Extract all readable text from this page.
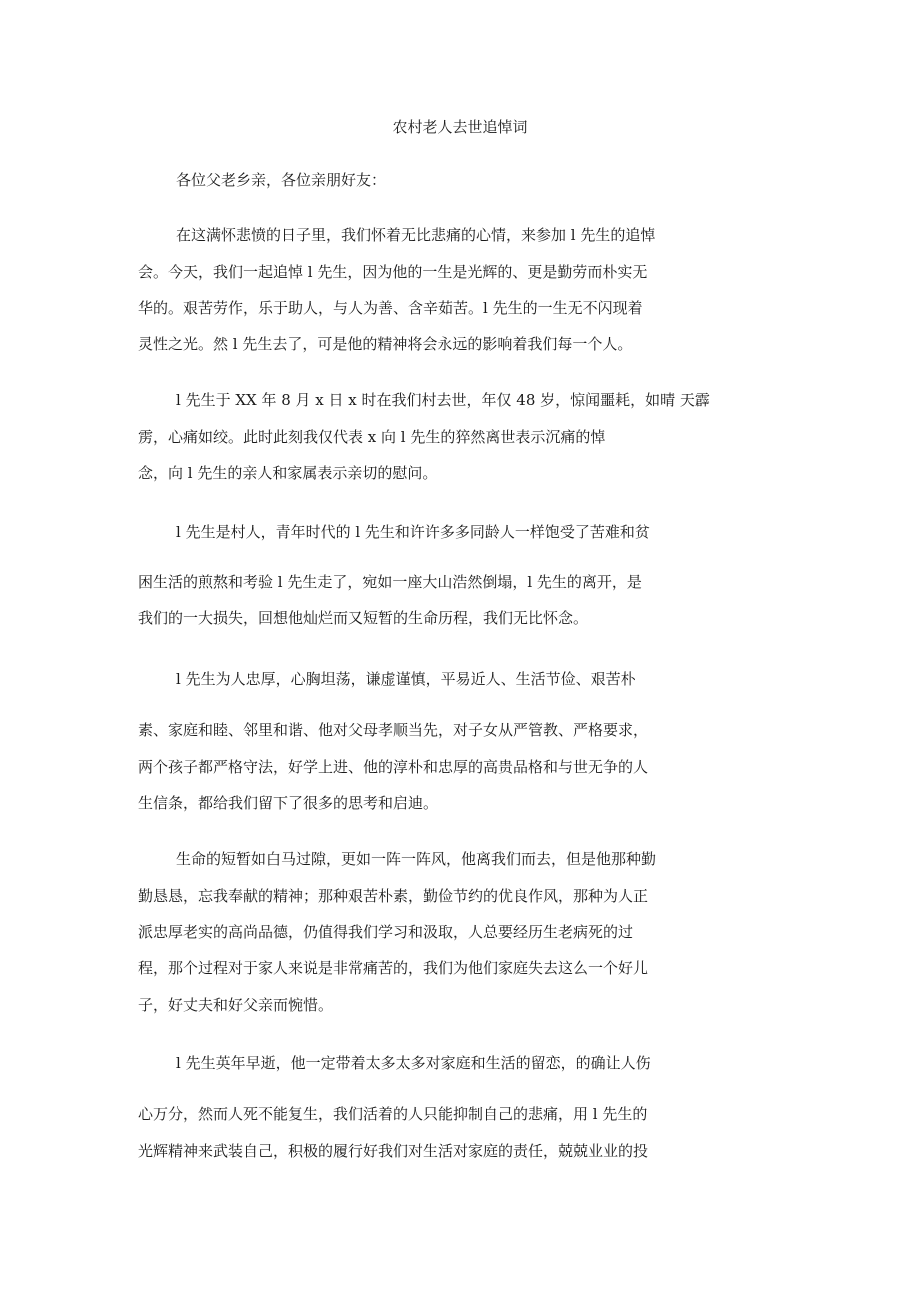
农村老人去世追悼词
各位父老乡亲，各位亲朋好友：
在这满怀悲愤的日子里，我们怀着无比悲痛的心情，来参加 l 先生的追悼
会。今天，我们一起追悼 l 先生，因为他的一生是光辉的、更是勤劳而朴实无
华的。艰苦劳作，乐于助人，与人为善、含辛茹苦。l 先生的一生无不闪现着
灵性之光。然 l 先生去了，可是他的精神将会永远的影响着我们每一个人。
l 先生于 XX 年 8 月 x 日 x 时在我们村去世，年仅 48 岁，惊闻噩耗，如晴 天霹
雳，心痛如绞。此时此刻我仅代表 x 向 l 先生的猝然离世表示沉痛的悼
念，向 l 先生的亲人和家属表示亲切的慰问。
l 先生是村人，青年时代的 l 先生和许许多多同龄人一样饱受了苦难和贫
困生活的煎熬和考验 l 先生走了，宛如一座大山浩然倒塌，l 先生的离开，是
我们的一大损失，回想他灿烂而又短暂的生命历程，我们无比怀念。
l 先生为人忠厚，心胸坦荡，谦虚谨慎，平易近人、生活节俭、艰苦朴
素、家庭和睦、邻里和谐、他对父母孝顺当先，对子女从严管教、严格要求，
两个孩子都严格守法，好学上进、他的淳朴和忠厚的高贵品格和与世无争的人
生信条，都给我们留下了很多的思考和启迪。
生命的短暂如白马过隙，更如一阵一阵风，他离我们而去，但是他那种勤
勤恳恳，忘我奉献的精神；那种艰苦朴素，勤俭节约的优良作风，那种为人正
派忠厚老实的高尚品德，仍值得我们学习和汲取，人总要经历生老病死的过
程，那个过程对于家人来说是非常痛苦的，我们为他们家庭失去这么一个好儿
子，好丈夫和好父亲而惋惜。
l 先生英年早逝，他一定带着太多太多对家庭和生活的留恋，的确让人伤
心万分，然而人死不能复生，我们活着的人只能抑制自己的悲痛，用 l 先生的
光辉精神来武装自己，积极的履行好我们对生活对家庭的责任，兢兢业业的投
